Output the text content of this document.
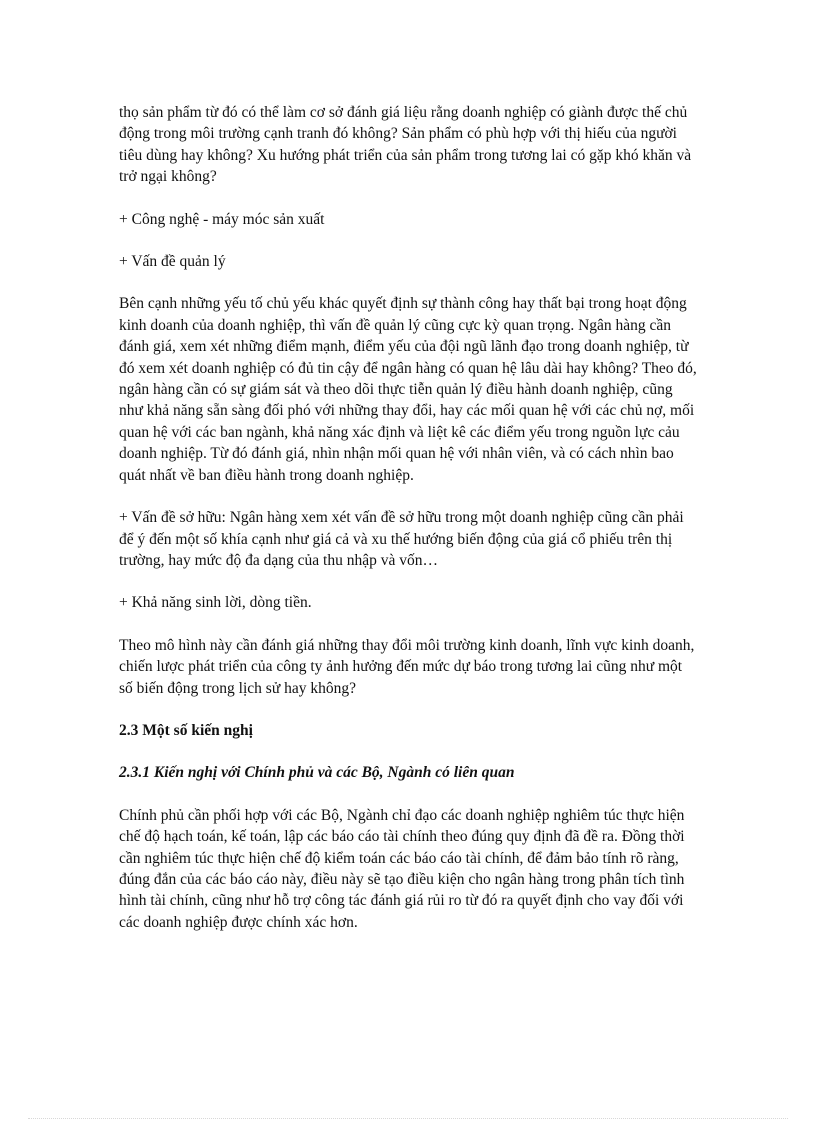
thọ sản phẩm từ đó có thể làm cơ sở đánh giá liệu rằng doanh nghiệp có giành được thế chủ động trong môi trường cạnh tranh đó không? Sản phẩm có phù hợp với thị hiếu của người tiêu dùng hay không? Xu hướng phát triển của sản phẩm trong tương lai có gặp khó khăn và trở ngại không?

+ Công nghệ - máy móc sản xuất

+ Vấn đề quản lý

Bên cạnh những yếu tố chủ yếu khác quyết định sự thành công hay thất bại trong hoạt động kinh doanh của doanh nghiệp, thì vấn đề quản lý cũng cực kỳ quan trọng. Ngân hàng cần đánh giá, xem xét những điểm mạnh, điểm yếu của đội ngũ lãnh đạo trong doanh nghiệp, từ đó xem xét doanh nghiệp có đủ tin cậy để ngân hàng có quan hệ lâu dài hay không? Theo đó, ngân hàng cần có sự giám sát và theo dõi thực tiễn quản lý điều hành doanh nghiệp, cũng như khả năng sẵn sàng đối phó với những thay đổi, hay các mối quan hệ với các chủ nợ, mối quan hệ với các ban ngành, khả năng xác định và liệt kê các điểm yếu trong nguồn lực cảu doanh nghiệp. Từ đó đánh giá, nhìn nhận mối quan hệ với nhân viên, và có cách nhìn bao quát nhất về ban điều hành trong doanh nghiệp.

+ Vấn đề sở hữu: Ngân hàng xem xét vấn đề sở hữu trong một doanh nghiệp cũng cần phải để ý đến một số khía cạnh như giá cả và xu thế hướng biến động của giá cổ phiếu trên thị trường, hay mức độ đa dạng của thu nhập và vốn…

+ Khả năng sinh lời, dòng tiền.

Theo mô hình này cần đánh giá những thay đổi môi trường kinh doanh, lĩnh vực kinh doanh, chiến lược phát triển của công ty ảnh hưởng đến mức dự báo trong tương lai cũng như một số biến động trong lịch sử hay không?

2.3 Một số kiến nghị

2.3.1 Kiến nghị với Chính phủ và các Bộ, Ngành có liên quan

Chính phủ cần phối hợp với các Bộ, Ngành chỉ đạo các doanh nghiệp nghiêm túc thực hiện chế độ hạch toán, kế toán, lập các báo cáo tài chính theo đúng quy định đã đề ra. Đồng thời cần nghiêm túc thực hiện chế độ kiểm toán các báo cáo tài chính, để đảm bảo tính rõ ràng, đúng đắn của các báo cáo này, điều này sẽ tạo điều kiện cho ngân hàng trong phân tích tình hình tài chính, cũng như hỗ trợ công tác đánh giá rủi ro từ đó ra quyết định cho vay đối với các doanh nghiệp được chính xác hơn.
